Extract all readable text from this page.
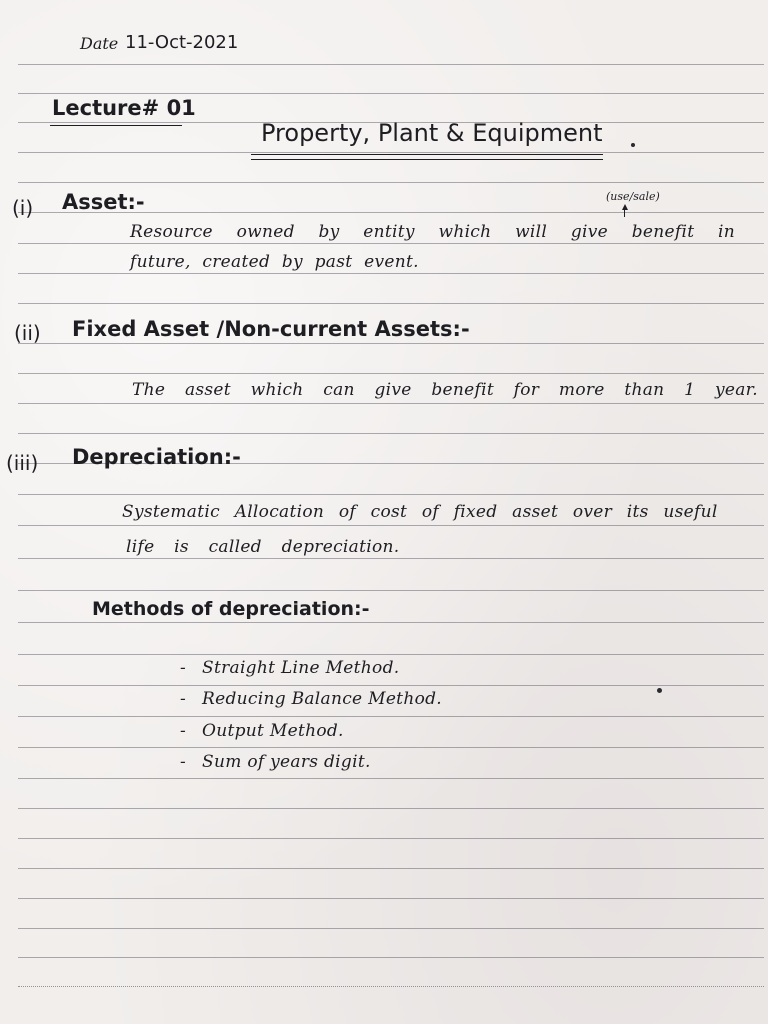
Date 11-Oct-2021
Lecture# 01
Property, Plant & Equipment
(i) Asset:-	(use/sale)
Resource owned by entity which will give benefit in
future, created by past event.
(ii) Fixed Asset /Non-current Assets:-
The asset which can give benefit for more than 1 year.
(iii) Depreciation:-
Systematic Allocation of cost of fixed asset over its useful
life is called depreciation.
Methods of depreciation:-
- Straight Line Method.
- Reducing Balance Method.
- Output Method.
- Sum of years digit.
